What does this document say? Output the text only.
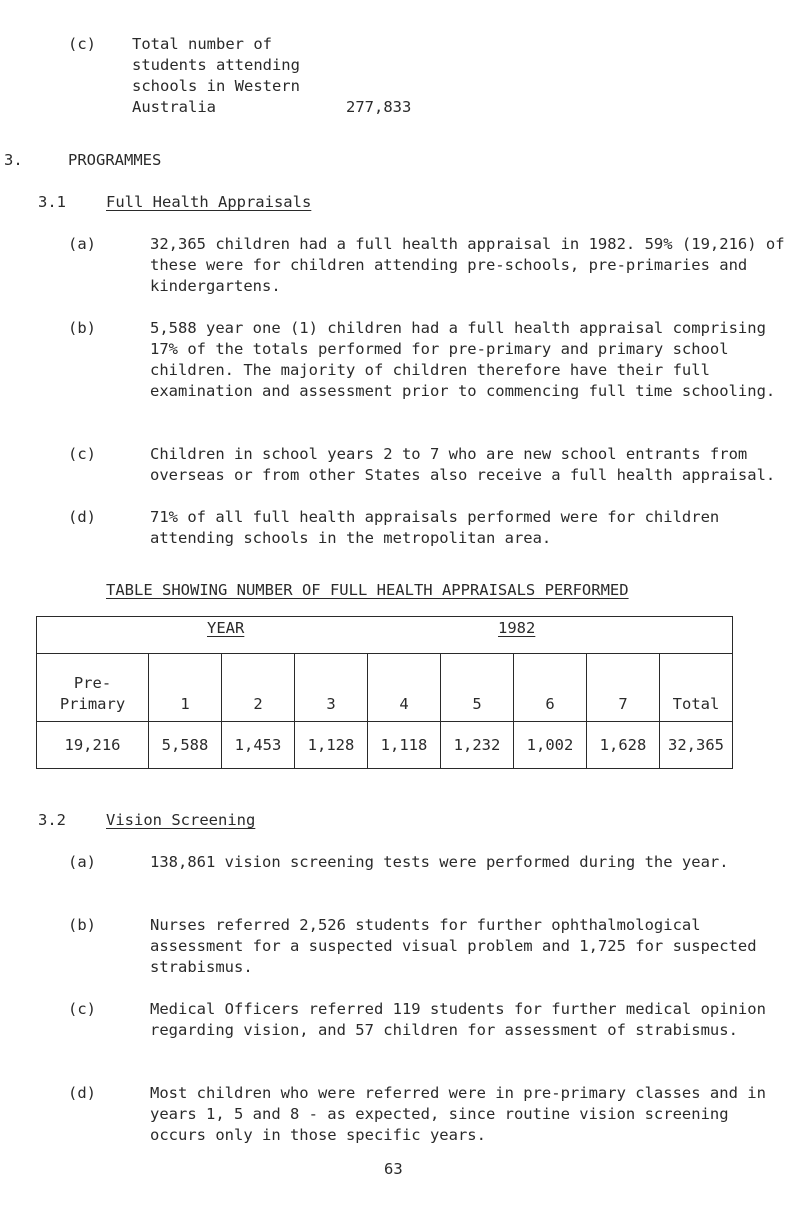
(c) Total number of
students attending
schools in Western
Australia	277,833
3.	PROGRAMMES
3.1	Full Health Appraisals
(a)	32,365 children had a full health appraisal in 1982. 59% (19,216) of these were for children attending pre-schools, pre-primaries and kindergartens.
(b)	5,588 year one (1) children had a full health appraisal comprising 17% of the totals performed for pre-primary and primary school children. The majority of children therefore have their full examination and assessment prior to commencing full time schooling.
(c)	Children in school years 2 to 7 who are new school entrants from overseas or from other States also receive a full health appraisal.
(d)	71% of all full health appraisals performed were for children attending schools in the metropolitan area.
TABLE SHOWING NUMBER OF FULL HEALTH APPRAISALS PERFORMED
YEAR 1982								

Pre-
Primary	1	2	3	4	5	6	7	Total
19,216	5,588	1,453	1,128	1,118	1,232	1,002	1,628	32,365
3.2	Vision Screening
(a)	138,861 vision screening tests were performed during the year.
(b)	Nurses referred 2,526 students for further ophthalmological assessment for a suspected visual problem and 1,725 for suspected strabismus.
(c)	Medical Officers referred 119 students for further medical opinion regarding vision, and 57 children for assessment of strabismus.
(d)	Most children who were referred were in pre-primary classes and in years 1, 5 and 8 - as expected, since routine vision screening occurs only in those specific years.
63
